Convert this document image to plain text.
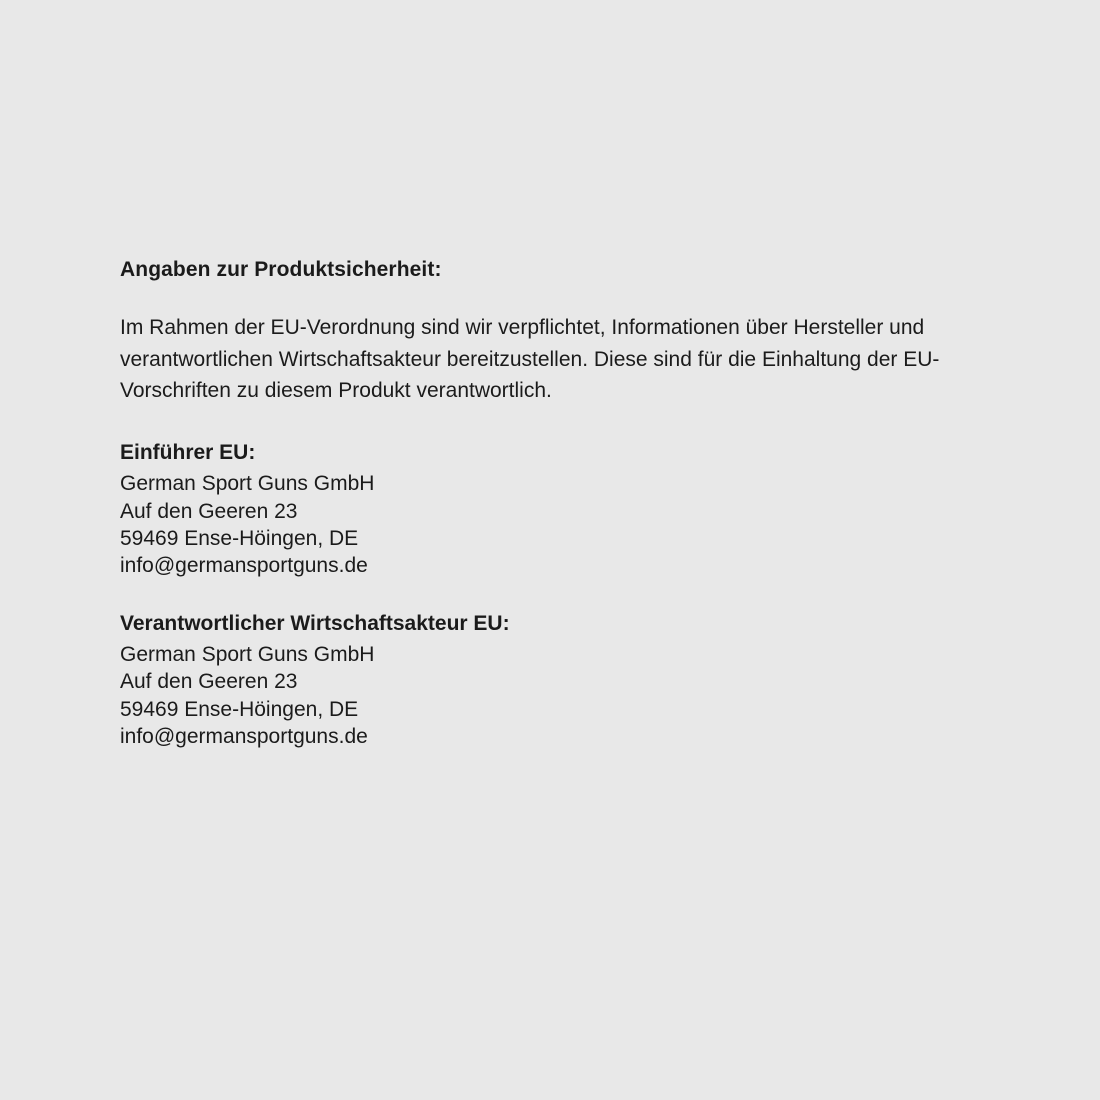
Angaben zur Produktsicherheit:

Im Rahmen der EU-Verordnung sind wir verpflichtet, Informationen über Hersteller und verantwortlichen Wirtschaftsakteur bereitzustellen. Diese sind für die Einhaltung der EU-Vorschriften zu diesem Produkt verantwortlich.

Einführer EU:

German Sport Guns GmbH

Auf den Geeren 23

59469 Ense-Höingen, DE

info@germansportguns.de

Verantwortlicher Wirtschaftsakteur EU:

German Sport Guns GmbH

Auf den Geeren 23

59469 Ense-Höingen, DE

info@germansportguns.de
